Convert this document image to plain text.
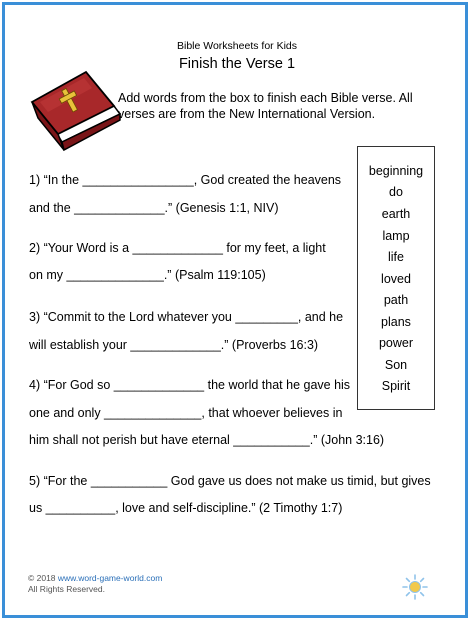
Bible Worksheets for Kids
Finish the Verse 1
Add words from the box to finish each Bible verse. All
verses are from the New International Version.
beginning
do
earth
lamp
life
loved
path
plans
power
Son
Spirit
1) “In the ________________, God created the heavens
and the _____________.” (Genesis 1:1, NIV)
2) “Your Word is a _____________ for my feet, a light
on my ______________.” (Psalm 119:105)
3) “Commit to the Lord whatever you _________, and he
will establish your _____________.” (Proverbs 16:3)
4) “For God so _____________ the world that he gave his
one and only ______________, that whoever believes in
him shall not perish but have eternal ___________.” (John 3:16)
5) “For the ___________ God gave us does not make us timid, but gives
us __________, love and self-discipline.” (2 Timothy 1:7)
© 2018 www.word-game-world.com
All Rights Reserved.
